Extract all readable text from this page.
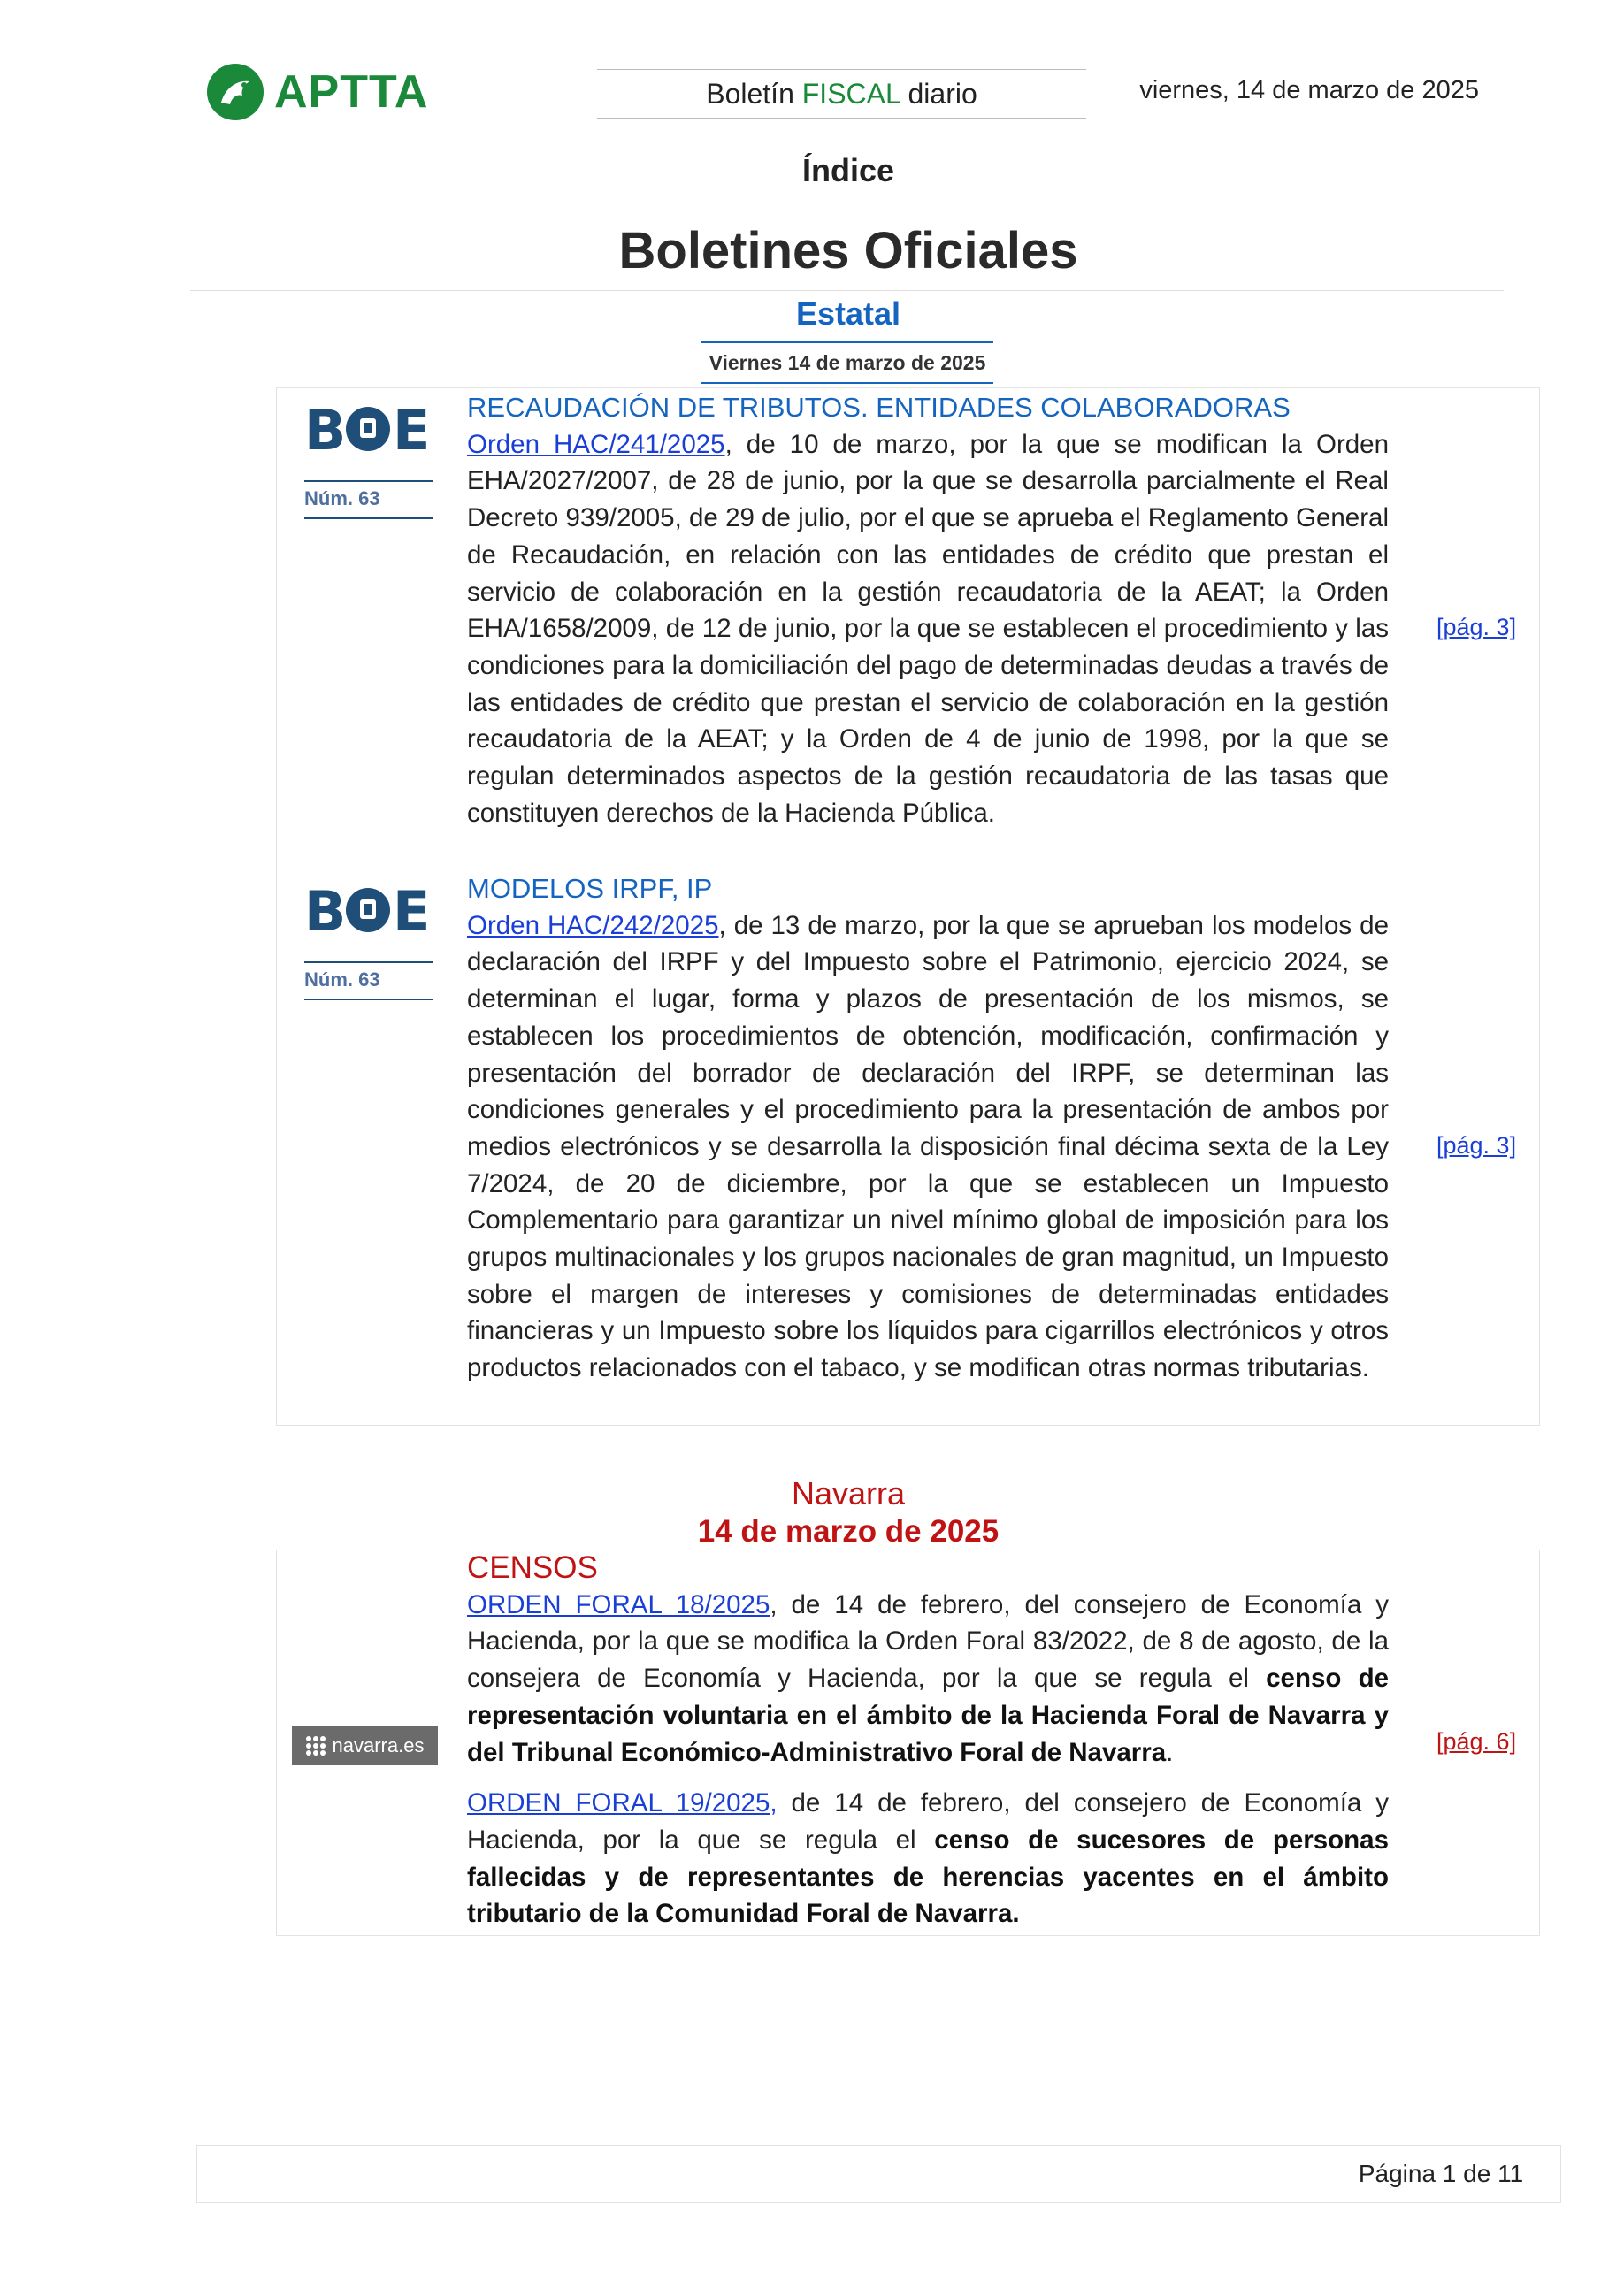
APTTA	Boletín FISCAL diario	viernes, 14 de marzo de 2025
Índice
Boletines Oficiales
Estatal
Viernes 14 de marzo de 2025
B E
Núm. 63
RECAUDACIÓN DE TRIBUTOS. ENTIDADES COLABORADORAS
Orden HAC/241/2025, de 10 de marzo, por la que se modifican la Orden EHA/2027/2007, de 28 de junio, por la que se desarrolla parcialmente el Real Decreto 939/2005, de 29 de julio, por el que se aprueba el Reglamento General de Recaudación, en relación con las entidades de crédito que prestan el servicio de colaboración en la gestión recaudatoria de la AEAT; la Orden EHA/1658/2009, de 12 de junio, por la que se establecen el procedimiento y las condiciones para la domiciliación del pago de determinadas deudas a través de las entidades de crédito que prestan el servicio de colaboración en la gestión recaudatoria de la AEAT; y la Orden de 4 de junio de 1998, por la que se regulan determinados aspectos de la gestión recaudatoria de las tasas que constituyen derechos de la Hacienda Pública.
[pág. 3]
B E
Núm. 63
MODELOS IRPF, IP
Orden HAC/242/2025, de 13 de marzo, por la que se aprueban los modelos de declaración del IRPF y del Impuesto sobre el Patrimonio, ejercicio 2024, se determinan el lugar, forma y plazos de presentación de los mismos, se establecen los procedimientos de obtención, modificación, confirmación y presentación del borrador de declaración del IRPF, se determinan las condiciones generales y el procedimiento para la presentación de ambos por medios electrónicos y se desarrolla la disposición final décima sexta de la Ley 7/2024, de 20 de diciembre, por la que se establecen un Impuesto Complementario para garantizar un nivel mínimo global de imposición para los grupos multinacionales y los grupos nacionales de gran magnitud, un Impuesto sobre el margen de intereses y comisiones de determinadas entidades financieras y un Impuesto sobre los líquidos para cigarrillos electrónicos y otros productos relacionados con el tabaco, y se modifican otras normas tributarias.
[pág. 3]
Navarra
14 de marzo de 2025
navarra.es
CENSOS
ORDEN FORAL 18/2025, de 14 de febrero, del consejero de Economía y Hacienda, por la que se modifica la Orden Foral 83/2022, de 8 de agosto, de la consejera de Economía y Hacienda, por la que se regula el censo de representación voluntaria en el ámbito de la Hacienda Foral de Navarra y del Tribunal Económico-Administrativo Foral de Navarra.
ORDEN FORAL 19/2025, de 14 de febrero, del consejero de Economía y Hacienda, por la que se regula el censo de sucesores de personas fallecidas y de representantes de herencias yacentes en el ámbito tributario de la Comunidad Foral de Navarra.
[pág. 6]
Página 1 de 11
